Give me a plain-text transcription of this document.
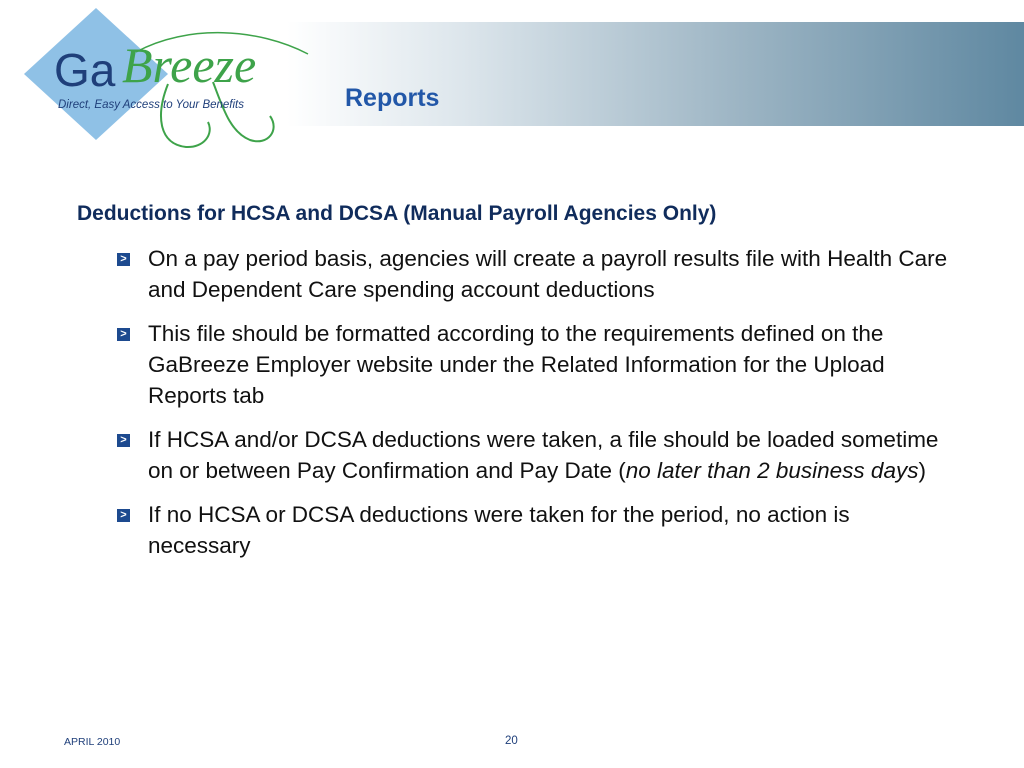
Ga Breeze
Direct, Easy Access to Your Benefits	Reports
Deductions for HCSA and DCSA (Manual Payroll Agencies Only)
> On a pay period basis, agencies will create a payroll results file with Health Care and Dependent Care spending account deductions
> This file should be formatted according to the requirements defined on the GaBreeze Employer website under the Related Information for the Upload Reports tab
> If HCSA and/or DCSA deductions were taken, a file should be loaded sometime on or between Pay Confirmation and Pay Date (no later than 2 business days)
> If no HCSA or DCSA deductions were taken for the period, no action is necessary
APRIL 2010	20
